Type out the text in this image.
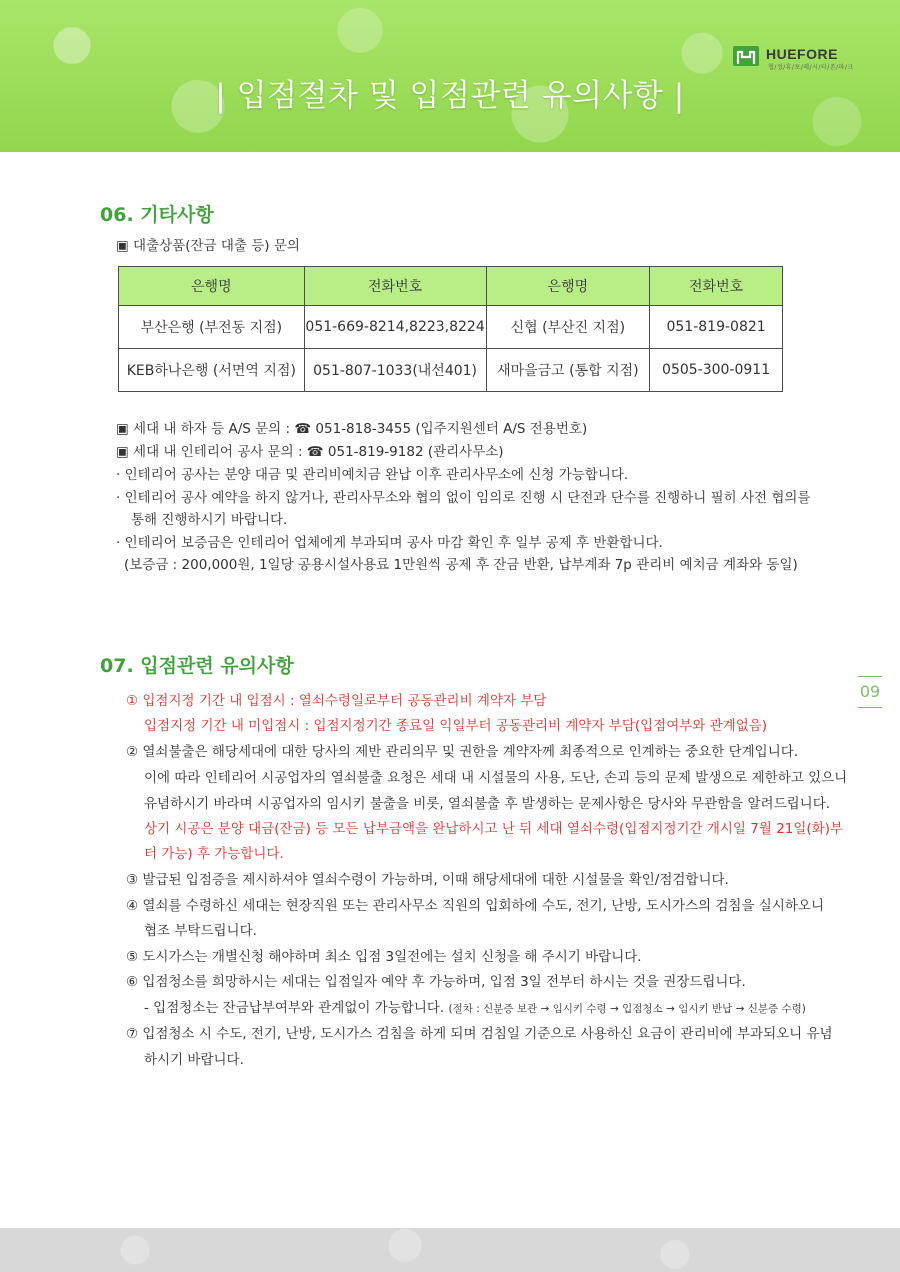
HUEFORE
협/성/휴/포/레/시/티/존/파/크
| 입점절차 및 입점관련 유의사항 |
06. 기타사항
▣ 대출상품(잔금 대출 등) 문의
은행명	전화번호	은행명	전화번호
부산은행 (부전동 지점)	051-669-8214,8223,8224	신협 (부산진 지점)	051-819-0821
KEB하나은행 (서면역 지점)	051-807-1033(내선401)	새마을금고 (통합 지점)	0505-300-0911
▣ 세대 내 하자 등 A/S 문의 : ☎ 051-818-3455 (입주지원센터 A/S 전용번호)
▣ 세대 내 인테리어 공사 문의 : ☎ 051-819-9182 (관리사무소)
· 인테리어 공사는 분양 대금 및 관리비예치금 완납 이후 관리사무소에 신청 가능합니다.
· 인테리어 공사 예약을 하지 않거나, 관리사무소와 협의 없이 임의로 진행 시 단전과 단수를 진행하니 필히 사전 협의를
통해 진행하시기 바랍니다.
· 인테리어 보증금은 인테리어 업체에게 부과되며 공사 마감 확인 후 일부 공제 후 반환합니다.
(보증금 : 200,000원, 1일당 공용시설사용료 1만원씩 공제 후 잔금 반환, 납부계좌 7p 관리비 예치금 계좌와 동일)
07. 입점관련 유의사항
① 입점지정 기간 내 입점시 : 열쇠수령일로부터 공동관리비 계약자 부담
입점지정 기간 내 미입점시 : 입점지정기간 종료일 익일부터 공동관리비 계약자 부담(입점여부와 관계없음)
② 열쇠불출은 해당세대에 대한 당사의 제반 관리의무 및 권한을 계약자께 최종적으로 인계하는 중요한 단계입니다.
이에 따라 인테리어 시공업자의 열쇠불출 요청은 세대 내 시설물의 사용, 도난, 손괴 등의 문제 발생으로 제한하고 있으니
유념하시기 바라며 시공업자의 임시키 불출을 비롯, 열쇠불출 후 발생하는 문제사항은 당사와 무관함을 알려드립니다.
상기 시공은 분양 대금(잔금) 등 모든 납부금액을 완납하시고 난 뒤 세대 열쇠수령(입점지정기간 개시일 7월 21일(화)부
터 가능) 후 가능합니다.
③ 발급된 입점증을 제시하셔야 열쇠수령이 가능하며, 이때 해당세대에 대한 시설물을 확인/점검합니다.
④ 열쇠를 수령하신 세대는 현장직원 또는 관리사무소 직원의 입회하에 수도, 전기, 난방, 도시가스의 검침을 실시하오니
협조 부탁드립니다.
⑤ 도시가스는 개별신청 해야하며 최소 입점 3일전에는 설치 신청을 해 주시기 바랍니다.
⑥ 입점청소를 희망하시는 세대는 입점일자 예약 후 가능하며, 입점 3일 전부터 하시는 것을 권장드립니다.
- 입점청소는 잔금납부여부와 관계없이 가능합니다. (절차 : 신분증 보관 → 임시키 수령 → 입점청소 → 임시키 반납 → 신분증 수령)
⑦ 입점청소 시 수도, 전기, 난방, 도시가스 검침을 하게 되며 검침일 기준으로 사용하신 요금이 관리비에 부과되오니 유념
하시기 바랍니다.
09
